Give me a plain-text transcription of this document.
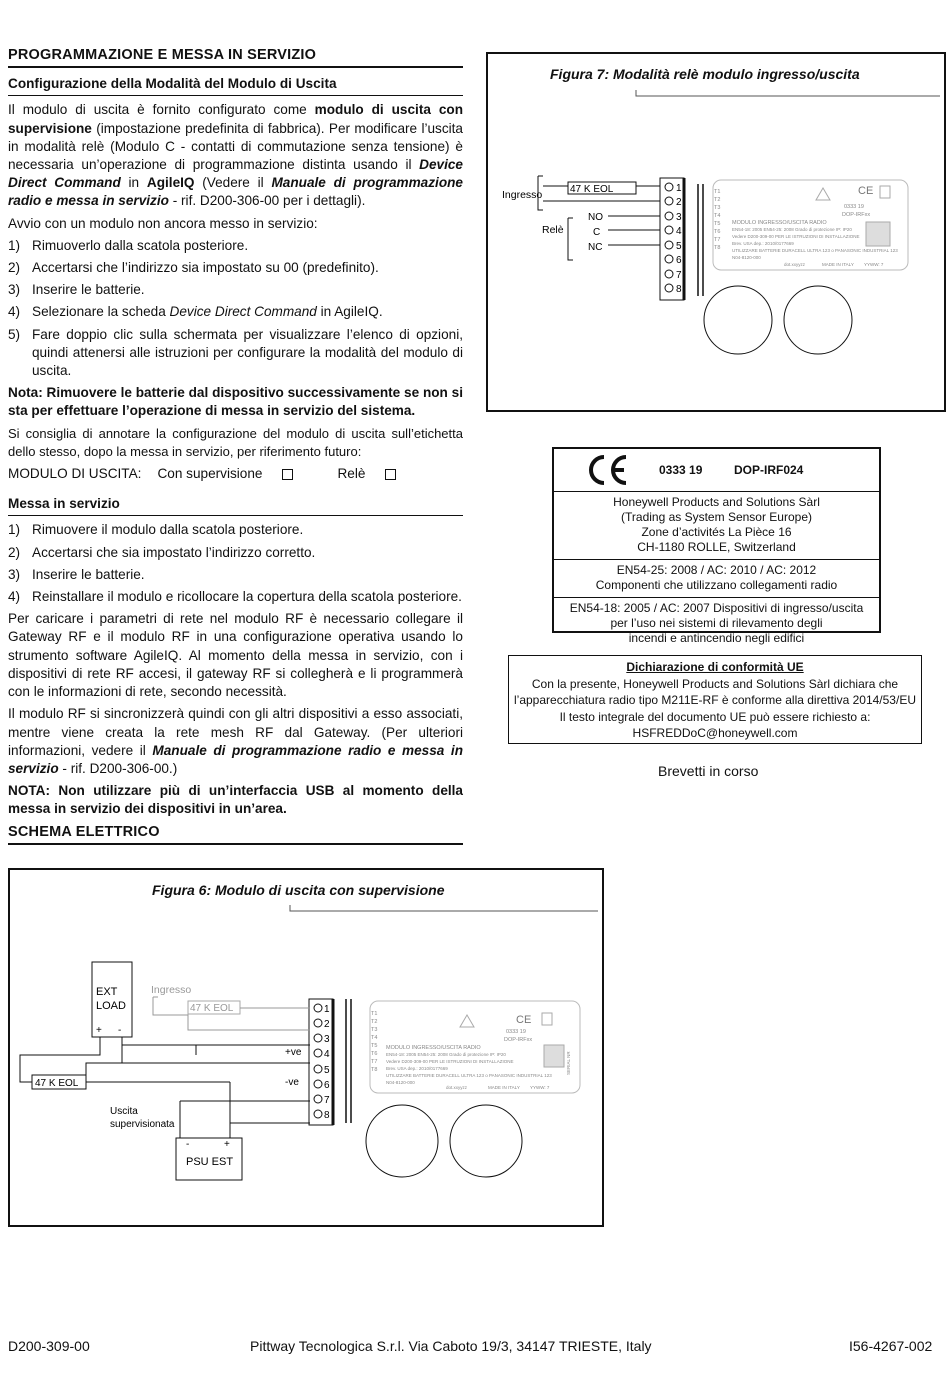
PROGRAMMAZIONE E MESSA IN SERVIZIO
Configurazione della Modalità del Modulo di Uscita
Il modulo di uscita è fornito configurato come modulo di uscita con supervisione (impostazione predefinita di fabbrica). Per modificare l’uscita in modalità relè (Modulo C - contatti di commutazione senza tensione) è necessaria un’operazione di programmazione distinta usando il Device Direct Command in AgileIQ (Vedere il Manuale di programmazione radio e messa in servizio - rif. D200-306-00 per i dettagli).
Avvio con un modulo non ancora messo in servizio:
1) Rimuoverlo dalla scatola posteriore.
2) Accertarsi che l’indirizzo sia impostato su 00 (predefinito).
3) Inserire le batterie.
4) Selezionare la scheda Device Direct Command in AgileIQ.
5) Fare doppio clic sulla schermata per visualizzare l’elenco di opzioni, quindi attenersi alle istruzioni per configurare la modalità del modulo di uscita.
Nota: Rimuovere le batterie dal dispositivo successivamente se non si sta per effettuare l’operazione di messa in servizio del sistema.
Si consiglia di annotare la configurazione del modulo di uscita sull’etichetta dello stesso, dopo la messa in servizio, per riferimento futuro:
MODULO DI USCITA: Con supervisione	Relè
Messa in servizio
1) Rimuovere il modulo dalla scatola posteriore.
2) Accertarsi che sia impostato l’indirizzo corretto.
3) Inserire le batterie.
4) Reinstallare il modulo e ricollocare la copertura della scatola posteriore.
Per caricare i parametri di rete nel modulo RF è necessario collegare il Gateway RF e il modulo RF in una configurazione operativa usando lo strumento software AgileIQ. Al momento della messa in servizio, con i dispositivi di rete RF accesi, il gateway RF si collegherà e li programmerà con le informazioni di rete, secondo necessità.
Il modulo RF si sincronizzerà quindi con gli altri dispositivi a esso associati, mentre viene creata la rete mesh RF dal Gateway. (Per ulteriori informazioni, vedere il Manuale di programmazione radio e messa in servizio - rif. D200-306-00.)
NOTA: Non utilizzare più di un’interfaccia USB al momento della messa in servizio dei dispositivi in un’area.
SCHEMA ELETTRICO
Figura 7: Modalità relè modulo ingresso/uscita
1
2
3
4
5
6
7
8
47 K EOL
Ingresso
Relè
NO
C
NC
T1
T2
T3
T4
T5
T6
T7
T8
MODULO INGRESSO/USCITA RADIO
EN54-18: 2005 EN54-25: 2008 Grado di protezione IP: IP20
Vedere D200-309-00 PER LE ISTRUZIONI DI INSTALLAZIONE
Brev. USA dep.: 2010/0177669
UTILIZZARE BATTERIE DURACELL ULTRA 123 o PANASONIC INDUSTRIAL 123
N04-8120-000
dot.xxyyzz	MADE IN ITALY YYWW: 7
0333 19
DOP-IRFxx
CE
0333 19	DOP-IRF024
Honeywell Products and Solutions Sàrl
(Trading as System Sensor Europe)
Zone d’activités La Pièce 16
CH-1180 ROLLE, Switzerland
EN54-25: 2008 / AC: 2010 / AC: 2012
Componenti che utilizzano collegamenti radio
EN54-18: 2005 / AC: 2007 Dispositivi di ingresso/uscita
per l’uso nei sistemi di rilevamento degli
incendi e antincendio negli edifici
Dichiarazione di conformità UE
Con la presente, Honeywell Products and Solutions Sàrl dichiara che
l’apparecchiatura radio tipo M211E-RF è conforme alla direttiva 2014/53/EU
Il testo integrale del documento UE può essere richiesto a:
HSFREDDoC@honeywell.com
Brevetti in corso
Figura 6: Modulo di uscita con supervisione
1
2
3
4
5
6
7
8
EXT
LOAD
+ -
Ingresso
47 K EOL
47 K EOL
Uscita
supervisionata
-	+
PSU EST
+ve
-ve
T1
T2
T3
T4
T5
T6
T7
T8
MODULO INGRESSO/USCITA RADIO
EN54-18: 2005 EN54-25: 2008 Grado di protezione IP: IP20
Vedere D200-309-00 PER LE ISTRUZIONI DI INSTALLAZIONE
Brev. USA dep.: 2010/0177669
UTILIZZARE BATTERIE DURACELL ULTRA 123 o PANASONIC INDUSTRIAL 123
N04-8120-000
dot.xxyyzz	MADE IN ITALY YYWW: 7
0333 19
DOP-IRFxx
CE
SERIAL NR
D200-309-00	Pittway Tecnologica S.r.l. Via Caboto 19/3, 34147 TRIESTE, Italy	I56-4267-002
